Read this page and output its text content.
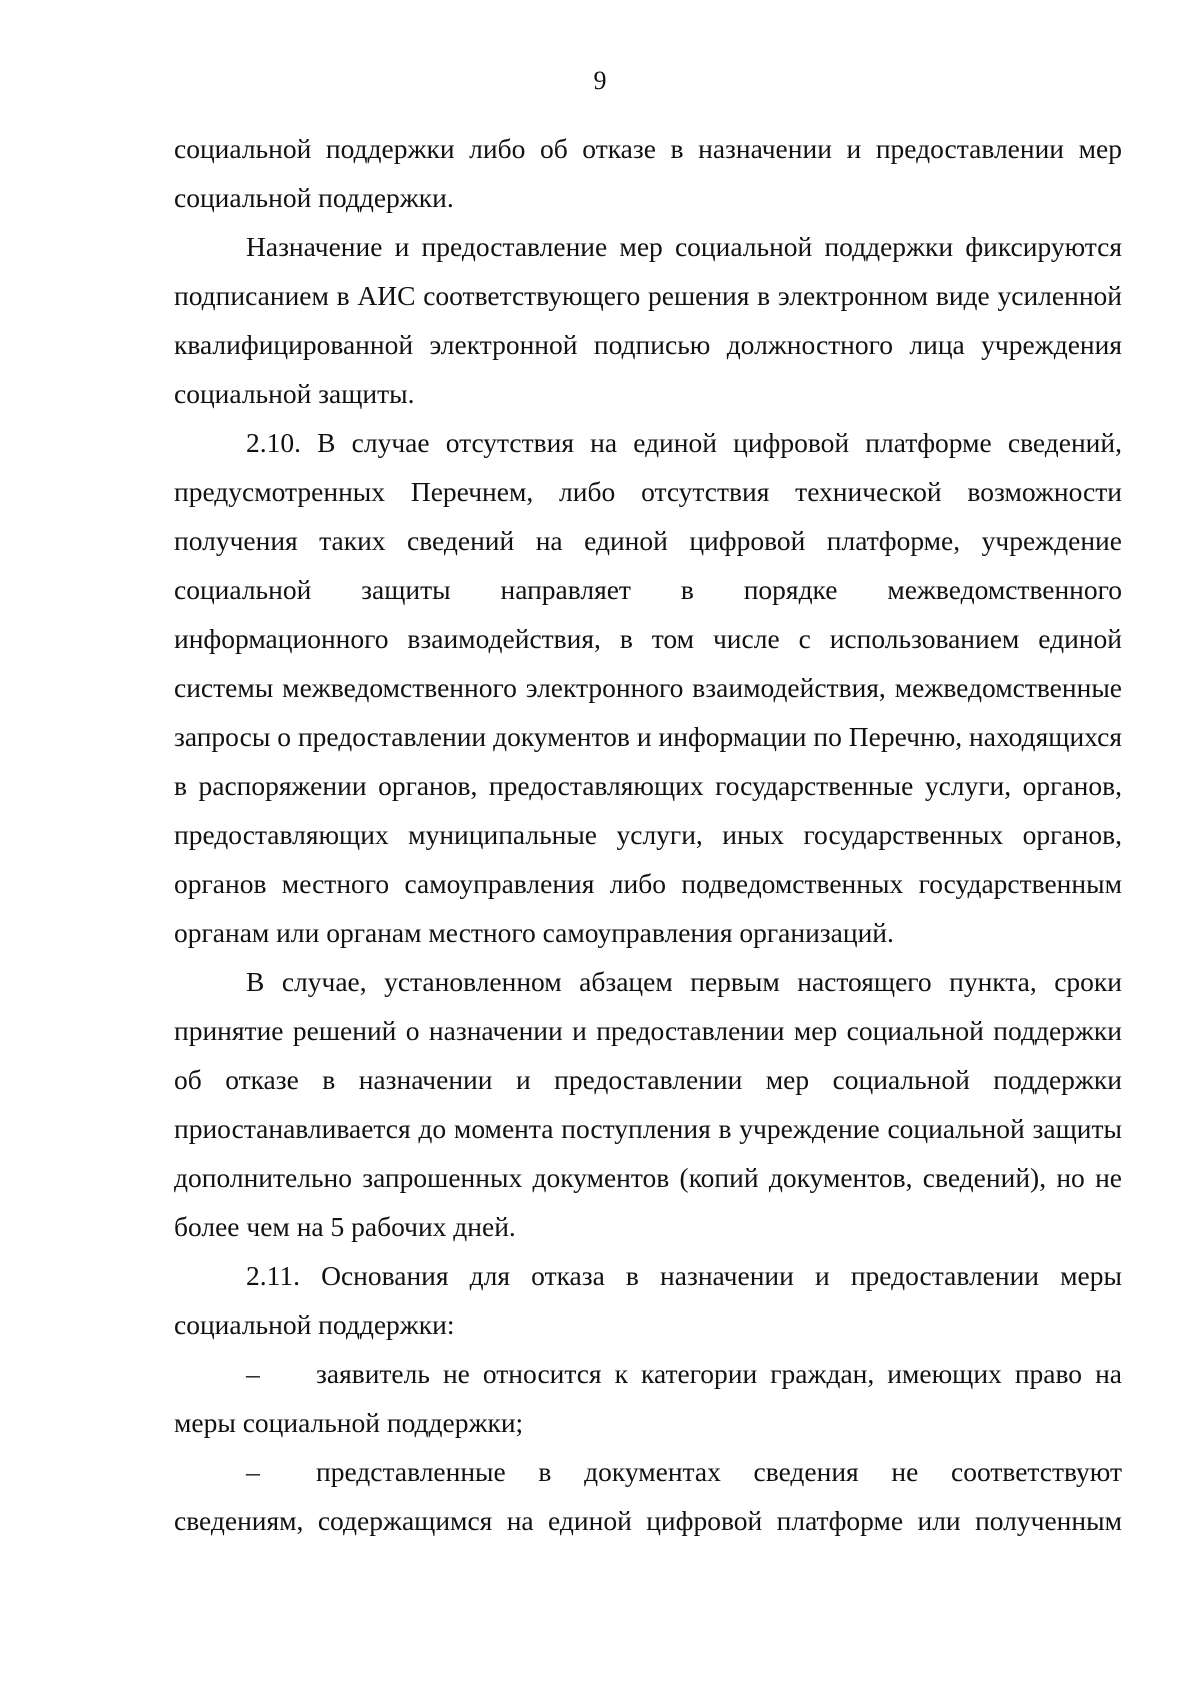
9

социальной поддержки либо об отказе в назначении и предоставлении мер социальной поддержки.

Назначение и предоставление мер социальной поддержки фиксируются подписанием в АИС соответствующего решения в электронном виде усиленной квалифицированной электронной подписью должностного лица учреждения социальной защиты.

2.10. В случае отсутствия на единой цифровой платформе сведений, предусмотренных Перечнем, либо отсутствия технической возможности получения таких сведений на единой цифровой платформе, учреждение социальной защиты направляет в порядке межведомственного информационного взаимодействия, в том числе с использованием единой системы межведомственного электронного взаимодействия, межведомственные запросы о предоставлении документов и информации по Перечню, находящихся в распоряжении органов, предоставляющих государственные услуги, органов, предоставляющих муниципальные услуги, иных государственных органов, органов местного самоуправления либо подведомственных государственным органам или органам местного самоуправления организаций.

В случае, установленном абзацем первым настоящего пункта, сроки принятие решений о назначении и предоставлении мер социальной поддержки об отказе в назначении и предоставлении мер социальной поддержки приостанавливается до момента поступления в учреждение социальной защиты дополнительно запрошенных документов (копий документов, сведений), но не более чем на 5 рабочих дней.

2.11. Основания для отказа в назначении и предоставлении меры социальной поддержки:

– заявитель не относится к категории граждан, имеющих право на меры социальной поддержки;

– представленные в документах сведения не соответствуют сведениям, содержащимся на единой цифровой платформе или полученным
